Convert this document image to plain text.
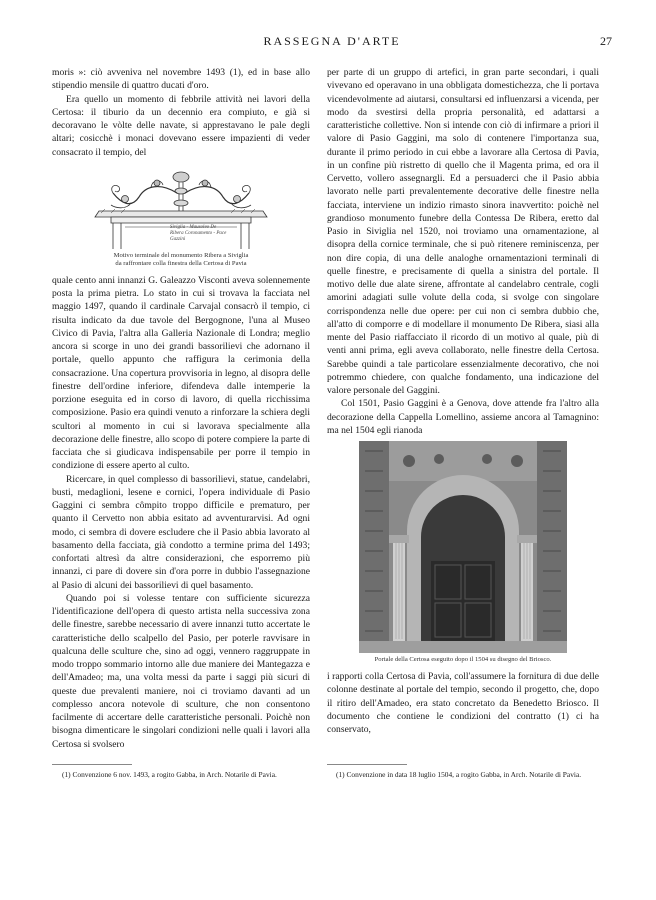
RASSEGNA D'ARTE	27

moris »: ciò avveniva nel novembre 1493 (1), ed in base allo stipendio mensile di quattro ducati d'oro.

Era quello un momento di febbrile attività nei lavori della Certosa: il tiburio da un decennio era compiuto, e già si decoravano le vòlte delle navate, si apprestavano le pale degli altari; cosicchè i monaci dovevano essere impazienti di veder consacrato il tempio, del

Siviglia - Mausoleo De Ribera Coronamento - Pace Gazzini
Motivo terminale del monumento Ribera a Siviglia
da raffrontare colla finestra della Certosa di Pavia

quale cento anni innanzi G. Galeazzo Visconti aveva solennemente posta la prima pietra. Lo stato in cui si trovava la facciata nel maggio 1497, quando il cardinale Carvajal consacrò il tempio, ci risulta indicato da due tavole del Bergognone, l'una al Museo Civico di Pavia, l'altra alla Galleria Nazionale di Londra; meglio ancora si scorge in uno dei grandi bassorilievi che adornano il portale, quello appunto che raffigura la cerimonia della consacrazione. Una copertura provvisoria in legno, al disopra delle finestre dell'ordine inferiore, difendeva dalle intemperie la porzione eseguita ed in corso di lavoro, di quella ricchissima composizione. Pasio era quindi venuto a rinforzare la schiera degli scultori al momento in cui si lavorava specialmente alla decorazione delle finestre, allo scopo di potere compiere la parte di facciata che si giudicava indispensabile per porre il tempio in condizione di essere aperto al culto.

Ricercare, in quel complesso di bassorilievi, statue, candelabri, busti, medaglioni, lesene e cornici, l'opera individuale di Pasio Gaggini ci sembra cômpito troppo difficile e prematuro, per quanto il Cervetto non abbia esitato ad avventurarvisi. Ad ogni modo, ci sembra di dovere escludere che il Pasio abbia lavorato al basamento della facciata, già condotto a termine prima del 1493; confortati altresì da altre considerazioni, che esporremo più innanzi, ci pare di dovere sin d'ora porre in dubbio l'assegnazione al Pasio di alcuni dei bassorilievi di quel basamento.

Quando poi si volesse tentare con sufficiente sicurezza l'identificazione dell'opera di questo artista nella successiva zona delle finestre, sarebbe necessario di avere innanzi tutto accertate le caratteristiche dello scalpello del Pasio, per poterle ravvisare in qualcuna delle sculture che, sino ad oggi, vennero raggruppate in modo troppo sommario intorno alle due maniere dei Mantegazza e dell'Amadeo; ma, una volta messi da parte i saggi più sicuri di queste due prevalenti maniere, noi ci troviamo davanti ad un complesso ancora notevole di sculture, che non consentono facilmente di accertare delle caratteristiche personali. Poichè non bisogna dimenticare le singolari condizioni nelle quali i lavori alla Certosa si svolsero

per parte di un gruppo di artefici, in gran parte secondari, i quali vivevano ed operavano in una obbligata domestichezza, che li portava vicendevolmente ad aiutarsi, consultarsi ed influenzarsi a vicenda, per modo da svestirsi della propria personalità, ed adattarsi a caratteristiche collettive. Non si intende con ciò di infirmare a priori il valore di Pasio Gaggini, ma solo di contenere l'importanza sua, durante il primo periodo in cui ebbe a lavorare alla Certosa di Pavia, in un confine più ristretto di quello che il Magenta prima, ed ora il Cervetto, vollero assegnargli. Ed a persuaderci che il Pasio abbia lavorato nelle parti prevalentemente decorative delle finestre nella facciata, interviene un indizio rimasto sinora inavvertito: poichè nel grandioso monumento funebre della Contessa De Ribera, eretto dal Pasio in Siviglia nel 1520, noi troviamo una ornamentazione, al disopra della cornice terminale, che si può ritenere reminiscenza, per non dire copia, di una delle analoghe ornamentazioni terminali di quelle finestre, e precisamente di quella a sinistra del portale. Il motivo delle due alate sirene, affrontate al candelabro centrale, cogli amorini adagiati sulle volute della coda, si svolge con singolare corrispondenza nelle due opere: per cui non ci sembra dubbio che, all'atto di comporre e di modellare il monumento De Ribera, siasi alla mente del Pasio riaffacciato il ricordo di un motivo al quale, più di venti anni prima, egli aveva collaborato, nelle finestre della Certosa. Sarebbe quindi a tale particolare essenzialmente decorativo, che noi potremmo chiedere, con qualche fondamento, una indicazione del valore personale del Gaggini.

Col 1501, Pasio Gaggini è a Genova, dove attende fra l'altro alla decorazione della Cappella Lomellino, assieme ancora al Tamagnino: ma nel 1504 egli rianoda

Portale della Certosa eseguito dopo il 1504 su disegno del Briosco.

i rapporti colla Certosa di Pavia, coll'assumere la fornitura di due delle colonne destinate al portale del tempio, secondo il progetto, che, dopo il ritiro dell'Amadeo, era stato concretato da Benedetto Briosco. Il documento che contiene le condizioni del contratto (1) ci ha conservato,

(1) Convenzione 6 nov. 1493, a rogito Gabba, in Arch. Notarile di Pavia.	(1) Convenzione in data 18 luglio 1504, a rogito Gabba, in Arch. Notarile di Pavia.
